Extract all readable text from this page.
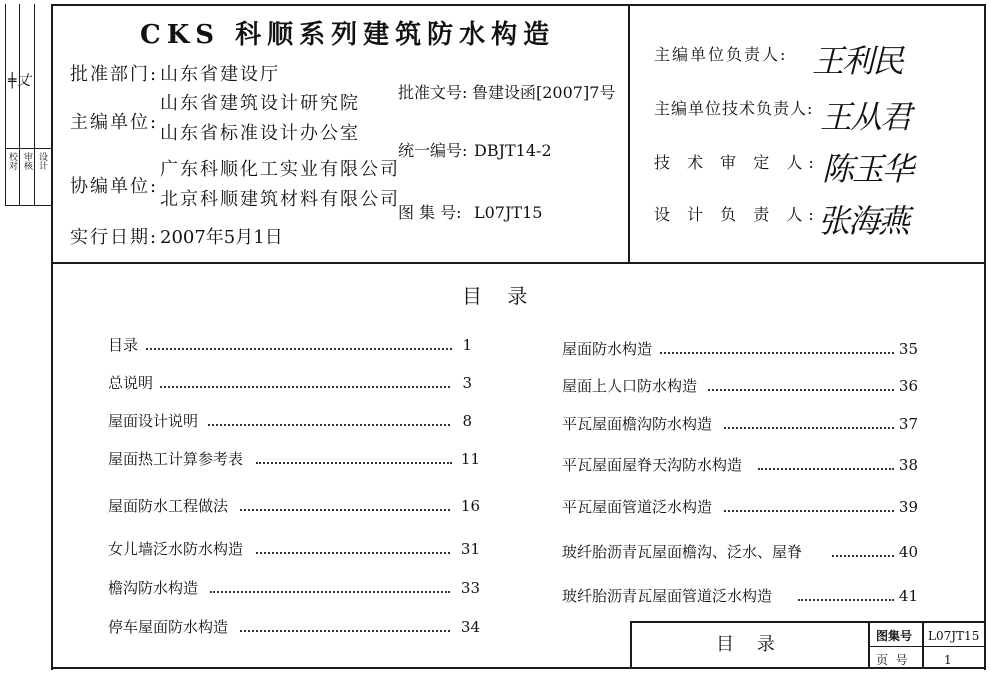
校对 审核 设计
╪ 丈
CKS 科顺系列建筑防水构造
批准部门: 山东省建设厅
主编单位:
山东省建筑设计研究院
山东省标准设计办公室
协编单位:
广东科顺化工实业有限公司
北京科顺建筑材料有限公司
实行日期: 2007年5月1日
批准文号: 鲁建设函[2007]7号
统一编号: DBJT14-2
图 集 号: L07JT15
主编单位负责人: 王利民
主编单位技术负责人: 王从君
技 术 审 定 人: 陈玉华
设 计 负 责 人:
张海燕
目    录
目录	1
总说明	3
屋面设计说明	8
屋面热工计算参考表	11
屋面防水工程做法	16
女儿墙泛水防水构造	31
檐沟防水构造	33
停车屋面防水构造	34
屋面防水构造	35
屋面上人口防水构造	36
平瓦屋面檐沟防水构造	37
平瓦屋面屋脊天沟防水构造	38
平瓦屋面管道泛水构造	39
玻纤胎沥青瓦屋面檐沟、泛水、屋脊	40
玻纤胎沥青瓦屋面管道泛水构造	41
目    录	图集号 L07JT15
页  号	1
